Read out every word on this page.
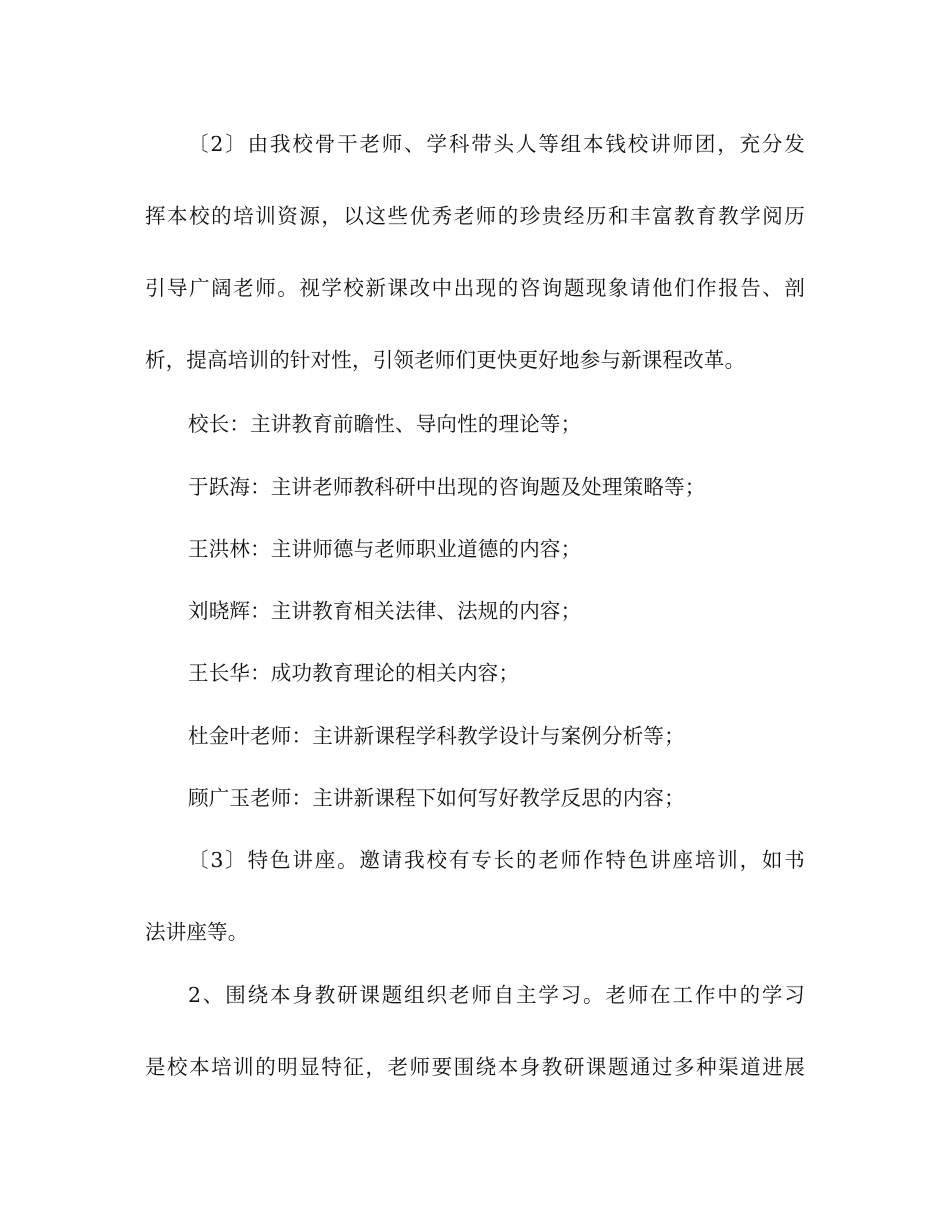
〔2〕由我校骨干老师、学科带头人等组本钱校讲师团，充分发
挥本校的培训资源，以这些优秀老师的珍贵经历和丰富教育教学阅历
引导广阔老师。视学校新课改中出现的咨询题现象请他们作报告、剖
析，提高培训的针对性，引领老师们更快更好地参与新课程改革。
校长：主讲教育前瞻性、导向性的理论等；
于跃海：主讲老师教科研中出现的咨询题及处理策略等；
王洪林：主讲师德与老师职业道德的内容；
刘晓辉：主讲教育相关法律、法规的内容；
王长华：成功教育理论的相关内容；
杜金叶老师：主讲新课程学科教学设计与案例分析等；
顾广玉老师：主讲新课程下如何写好教学反思的内容；
〔3〕特色讲座。邀请我校有专长的老师作特色讲座培训，如书
法讲座等。
2、围绕本身教研课题组织老师自主学习。老师在工作中的学习
是校本培训的明显特征，老师要围绕本身教研课题通过多种渠道进展
